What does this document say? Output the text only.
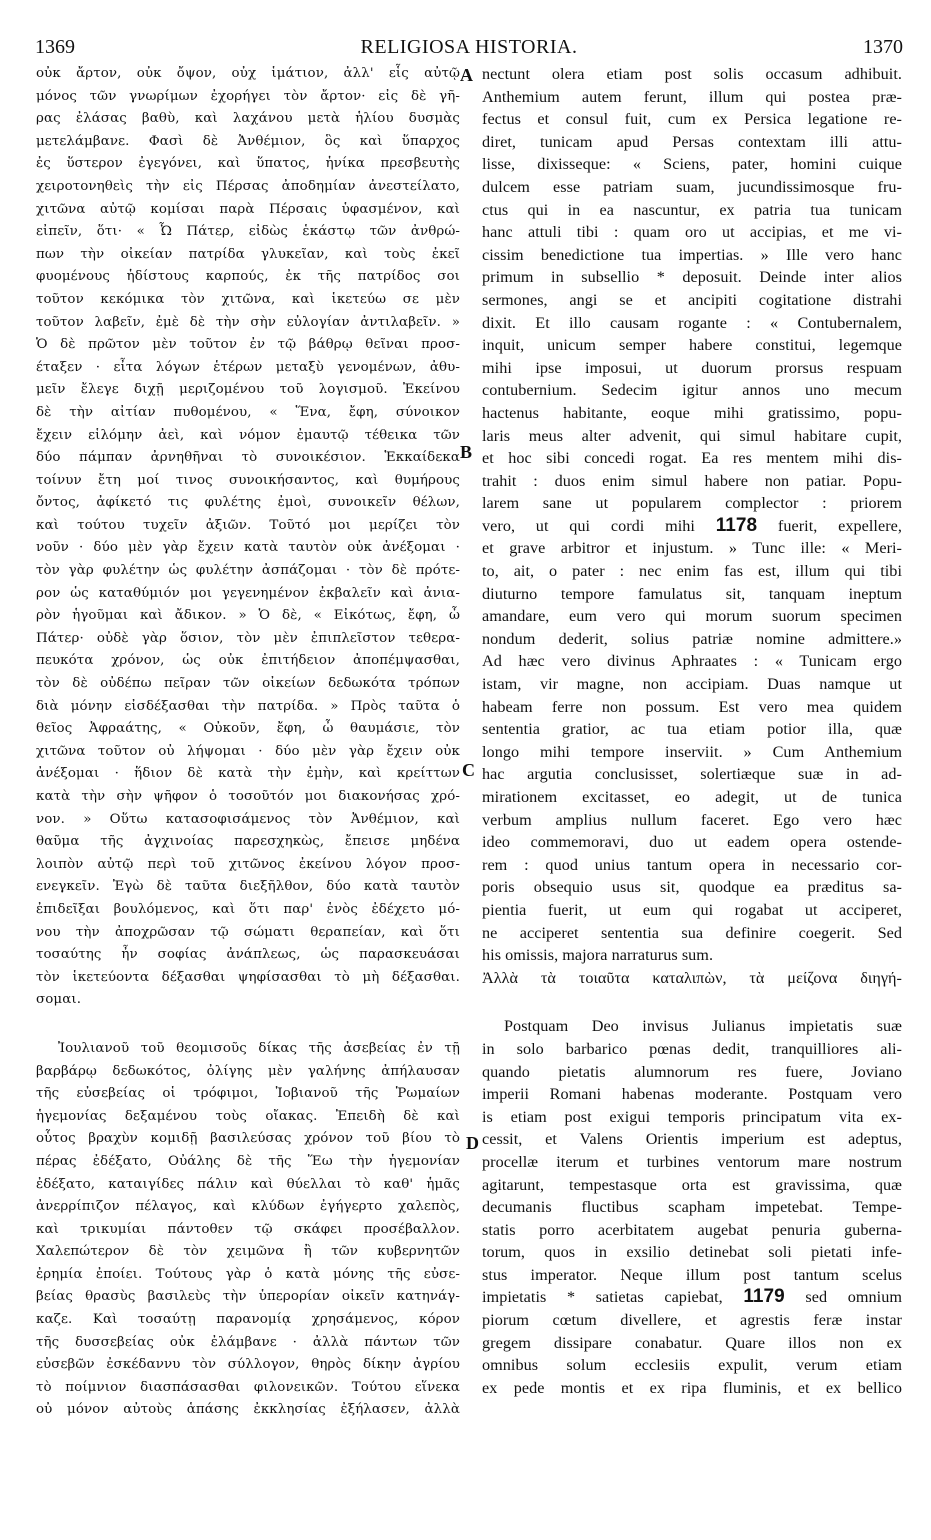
1369	RELIGIOSA HISTORIA.	1370
οὐκ ἄρτον, οὐκ ὄψον, οὐχ ἱμάτιον, ἀλλ' εἷς αὐτῷ
μόνος τῶν γνωρίμων ἐχορήγει τὸν ἄρτον· εἰς δὲ γῆ-
ρας ἐλάσας βαθὺ, καὶ λαχάνου μετὰ ἡλίου δυσμὰς
μετελάμβανε. Φασὶ δὲ Ἀνθέμιον, ὃς καὶ ὕπαρχος
ἐς ὕστερον ἐγεγόνει, καὶ ὕπατος, ἡνίκα πρεσβευτὴς
χειροτονηθεὶς τὴν εἰς Πέρσας ἀποδημίαν ἀνεστείλατο,
χιτῶνα αὐτῷ κομίσαι παρὰ Πέρσαις ὑφασμένον, καὶ
εἰπεῖν, ὅτι· « Ὦ Πάτερ, εἰδὼς ἑκάστῳ τῶν ἀνθρώ-
πων τὴν οἰκείαν πατρίδα γλυκεῖαν, καὶ τοὺς ἐκεῖ
φυομένους ἡδίστους καρπούς, ἐκ τῆς πατρίδος σοι
τοῦτον κεκόμικα τὸν χιτῶνα, καὶ ἱκετεύω σε μὲν
τοῦτον λαβεῖν, ἐμὲ δὲ τὴν σὴν εὐλογίαν ἀντιλαβεῖν. »
Ὁ δὲ πρῶτον μὲν τοῦτον ἐν τῷ βάθρῳ θεῖναι προσ-
έταξεν · εἶτα λόγων ἑτέρων μεταξὺ γενομένων, ἀθυ-
μεῖν ἔλεγε διχῇ μεριζομένου τοῦ λογισμοῦ. Ἐκείνου
δὲ τὴν αἰτίαν πυθομένου, « Ἕνα, ἔφη, σύνοικον
ἔχειν εἱλόμην ἀεὶ, καὶ νόμον ἐμαυτῷ τέθεικα τῶν
δύο πάμπαν ἀρνηθῆναι τὸ συνοικέσιον. Ἑκκαίδεκα
τοίνυν ἔτη μοί τινος συνοικήσαντος, καὶ θυμήρους
ὄντος, ἀφίκετό τις φυλέτης ἐμοὶ, συνοικεῖν θέλων,
καὶ τούτου τυχεῖν ἀξιῶν. Τοῦτό μοι μερίζει τὸν
νοῦν · δύο μὲν γὰρ ἔχειν κατὰ ταυτὸν οὐκ ἀνέξομαι ·
τὸν γὰρ φυλέτην ὡς φυλέτην ἀσπάζομαι · τὸν δὲ πρότε-
ρον ὡς καταθύμιόν μοι γεγενημένον ἐκβαλεῖν καὶ ἀνια-
ρὸν ἡγοῦμαι καὶ ἄδικον. » Ὁ δὲ, « Εἰκότως, ἔφη, ὦ
Πάτερ· οὐδὲ γὰρ ὅσιον, τὸν μὲν ἐπιπλεῖστον τεθερα-
πευκότα χρόνον, ὡς οὐκ ἐπιτήδειον ἀποπέμψασθαι,
τὸν δὲ οὐδέπω πεῖραν τῶν οἰκείων δεδωκότα τρόπων
διὰ μόνην εἰσδέξασθαι τὴν πατρίδα. » Πρὸς ταῦτα ὁ
θεῖος Ἀφραάτης, « Οὐκοῦν, ἔφη, ὦ θαυμάσιε, τὸν
χιτῶνα τοῦτον οὐ λήψομαι · δύο μὲν γὰρ ἔχειν οὐκ
ἀνέξομαι · ἥδιον δὲ κατὰ τὴν ἐμὴν, καὶ κρείττων
κατὰ τὴν σὴν ψῆφον ὁ τοσοῦτόν μοι διακονήσας χρό-
νον. » Οὕτω κατασοφισάμενος τὸν Ἀνθέμιον, καὶ
θαῦμα τῆς ἀγχινοίας παρεσχηκὼς, ἔπεισε μηδένα
λοιπὸν αὐτῷ περὶ τοῦ χιτῶνος ἐκείνου λόγον προσ-
ενεγκεῖν. Ἐγὼ δὲ ταῦτα διεξῆλθον, δύο κατὰ ταυτὸν
ἐπιδεῖξαι βουλόμενος, καὶ ὅτι παρ' ἑνὸς ἐδέχετο μό-
νου τὴν ἀποχρῶσαν τῷ σώματι θεραπείαν, καὶ ὅτι
τοσαύτης ἦν σοφίας ἀνάπλεως, ὡς παρασκευάσαι
τὸν ἱκετεύοντα δέξασθαι ψηφίσασθαι τὸ μὴ δέξασθαι.
σομαι.
Ἰουλιανοῦ τοῦ θεομισοῦς δίκας τῆς ἀσεβείας ἐν τῇ
βαρβάρῳ δεδωκότος, ὀλίγης μὲν γαλήνης ἀπήλαυσαν
τῆς εὐσεβείας οἱ τρόφιμοι, Ἰοβιανοῦ τῆς Ῥωμαίων
ἡγεμονίας δεξαμένου τοὺς οἴακας. Ἐπειδὴ δὲ καὶ
οὗτος βραχὺν κομιδῇ βασιλεύσας χρόνον τοῦ βίου τὸ
πέρας ἐδέξατο, Οὐάλης δὲ τῆς Ἕω τὴν ἡγεμονίαν
ἐδέξατο, καταιγίδες πάλιν καὶ θύελλαι τὸ καθ' ἡμᾶς
ἀνερρίπιζον πέλαγος, καὶ κλύδων ἐγήγερτο χαλεπὸς,
καὶ τρικυμίαι πάντοθεν τῷ σκάφει προσέβαλλον.
Χαλεπώτερον δὲ τὸν χειμῶνα ἢ τῶν κυβερνητῶν
ἐρημία ἐποίει. Τούτους γὰρ ὁ κατὰ μόνης τῆς εὐσε-
βείας θρασὺς βασιλεὺς τὴν ὑπερορίαν οἰκεῖν κατηνάγ-
καζε. Καὶ τοσαύτῃ παρανομίᾳ χρησάμενος, κόρον
τῆς δυσσεβείας οὐκ ἐλάμβανε · ἀλλὰ πάντων τῶν
εὐσεβῶν ἐσκέδαννυ τὸν σύλλογον, θηρὸς δίκην ἀγρίου
τὸ ποίμνιον διασπάσασθαι φιλονεικῶν. Τούτου εἵνεκα
οὐ μόνον αὐτοὺς ἁπάσης ἐκκλησίας ἐξήλασεν, ἀλλὰ
nectunt olera etiam post solis occasum adhibuit.
Anthemium autem ferunt, illum qui postea præ-
fectus et consul fuit, cum ex Persica legatione re-
diret, tunicam apud Persas contextam illi attu-
lisse, dixisseque: « Sciens, pater, homini cuique
dulcem esse patriam suam, jucundissimosque fru-
ctus qui in ea nascuntur, ex patria tua tunicam
hanc attuli tibi : quam oro ut accipias, et me vi-
cissim benedictione tua impertias. » Ille vero hanc
primum in subsellio * deposuit. Deinde inter alios
sermones, angi se et ancipiti cogitatione distrahi
dixit. Et illo causam rogante : « Contubernalem,
inquit, unicum semper habere constitui, legemque
mihi ipse imposui, ut duorum prorsus respuam
contubernium. Sedecim igitur annos uno mecum
hactenus habitante, eoque mihi gratissimo, popu-
laris meus alter advenit, qui simul habitare cupit,
et hoc sibi concedi rogat. Ea res mentem mihi dis-
trahit : duos enim simul habere non patiar. Popu-
larem sane ut popularem complector : priorem
vero, ut qui cordi mihi 1178 fuerit, expellere,
et grave arbitror et injustum. » Tunc ille: « Meri-
to, ait, o pater : nec enim fas est, illum qui tibi
diuturno tempore famulatus sit, tanquam ineptum
amandare, eum vero qui morum suorum specimen
nondum dederit, solius patriæ nomine admittere.»
Ad hæc vero divinus Aphraates : « Tunicam ergo
istam, vir magne, non accipiam. Duas namque ut
habeam ferre non possum. Est vero mea quidem
sententia gratior, ac tua etiam potior illa, quæ
longo mihi tempore inserviit. » Cum Anthemium
hac argutia conclusisset, solertiæque suæ in ad-
mirationem excitasset, eo adegit, ut de tunica
verbum amplius nullum faceret. Ego vero hæc
ideo commemoravi, duo ut eadem opera ostende-
rem : quod unius tantum opera in necessario cor-
poris obsequio usus sit, quodque ea præditus sa-
pientia fuerit, ut eum qui rogabat ut acciperet,
ne acciperet sententia sua definire coegerit. Sed
his omissis, majora narraturus sum.
Ἀλλὰ τὰ τοιαῦτα καταλιπὼν, τὰ μείζονα διηγή-
Postquam Deo invisus Julianus impietatis suæ
in solo barbarico pœnas dedit, tranquilliores ali-
quando pietatis alumnorum res fuere, Joviano
imperii Romani habenas moderante. Postquam vero
is etiam post exigui temporis principatum vita ex-
cessit, et Valens Orientis imperium est adeptus,
procellæ iterum et turbines ventorum mare nostrum
agitarunt, tempestasque orta est gravissima, quæ
decumanis fluctibus scapham impetebat. Tempe-
statis porro acerbitatem augebat penuria guberna-
torum, quos in exsilio detinebat soli pietati infe-
stus imperator. Neque illum post tantum scelus
impietatis * satietas capiebat, 1179 sed omnium
piorum cœtum divellere, et agrestis feræ instar
gregem dissipare conabatur. Quare illos non ex
omnibus solum ecclesiis expulit, verum etiam
ex pede montis et ex ripa fluminis, et ex bellico
A
B
C
D
